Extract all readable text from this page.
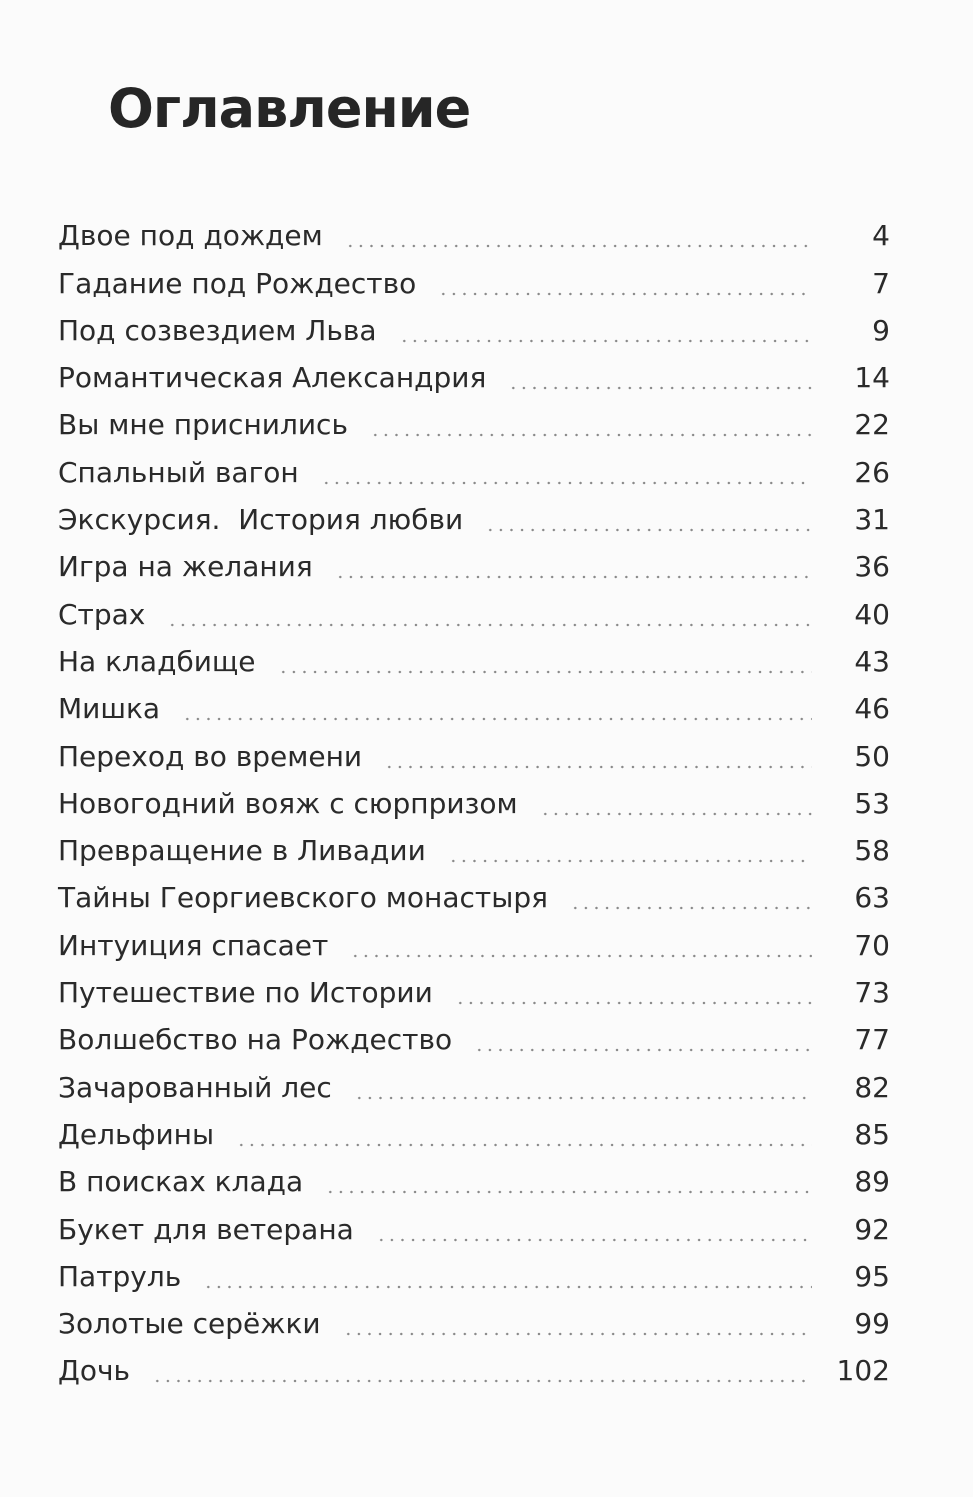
Оглавление
Двое под дождем	4
Гадание под Рождество	7
Под созвездием Льва	9
Романтическая Александрия	14
Вы мне приснились	22
Спальный вагон	26
Экскурсия.  История любви	31
Игра на желания	36
Страх	40
На кладбище	43
Мишка	46
Переход во времени	50
Новогодний вояж с сюрпризом	53
Превращение в Ливадии	58
Тайны Георгиевского монастыря	63
Интуиция спасает	70
Путешествие по Истории	73
Волшебство на Рождество	77
Зачарованный лес	82
Дельфины	85
В поисках клада	89
Букет для ветерана	92
Патруль	95
Золотые серёжки	99
Дочь	102
